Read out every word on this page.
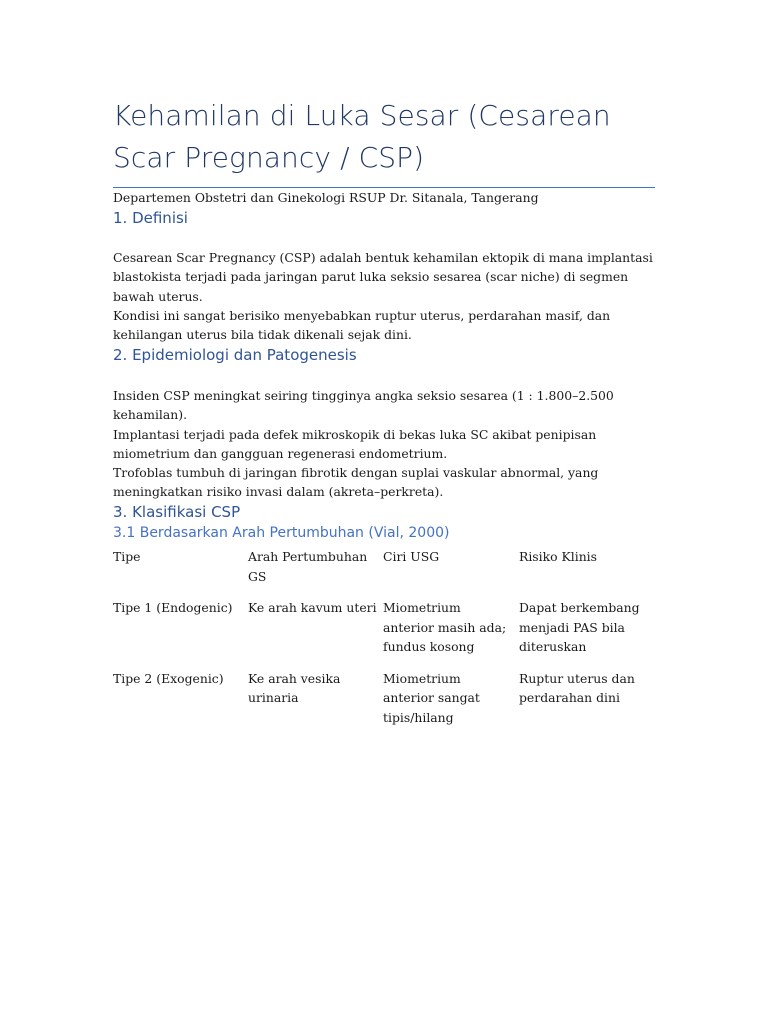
Kehamilan di Luka Sesar (Cesarean Scar Pregnancy / CSP)

Departemen Obstetri dan Ginekologi RSUP Dr. Sitanala, Tangerang

1. Definisi

Cesarean Scar Pregnancy (CSP) adalah bentuk kehamilan ektopik di mana implantasi blastokista terjadi pada jaringan parut luka seksio sesarea (scar niche) di segmen bawah uterus.

Kondisi ini sangat berisiko menyebabkan ruptur uterus, perdarahan masif, dan kehilangan uterus bila tidak dikenali sejak dini.

2. Epidemiologi dan Patogenesis

Insiden CSP meningkat seiring tingginya angka seksio sesarea (1 : 1.800–2.500 kehamilan).

Implantasi terjadi pada defek mikroskopik di bekas luka SC akibat penipisan miometrium dan gangguan regenerasi endometrium.

Trofoblas tumbuh di jaringan fibrotik dengan suplai vaskular abnormal, yang meningkatkan risiko invasi dalam (akreta–perkreta).

3. Klasifikasi CSP
3.1 Berdasarkan Arah Pertumbuhan (Vial, 2000)
Tipe	Arah Pertumbuhan GS	Ciri USG	Risiko Klinis
Tipe 1 (Endogenic)	Ke arah kavum uteri	Miometrium anterior masih ada; fundus kosong	Dapat berkembang menjadi PAS bila diteruskan
Tipe 2 (Exogenic)	Ke arah vesika urinaria	Miometrium anterior sangat tipis/hilang	Ruptur uterus dan perdarahan dini
